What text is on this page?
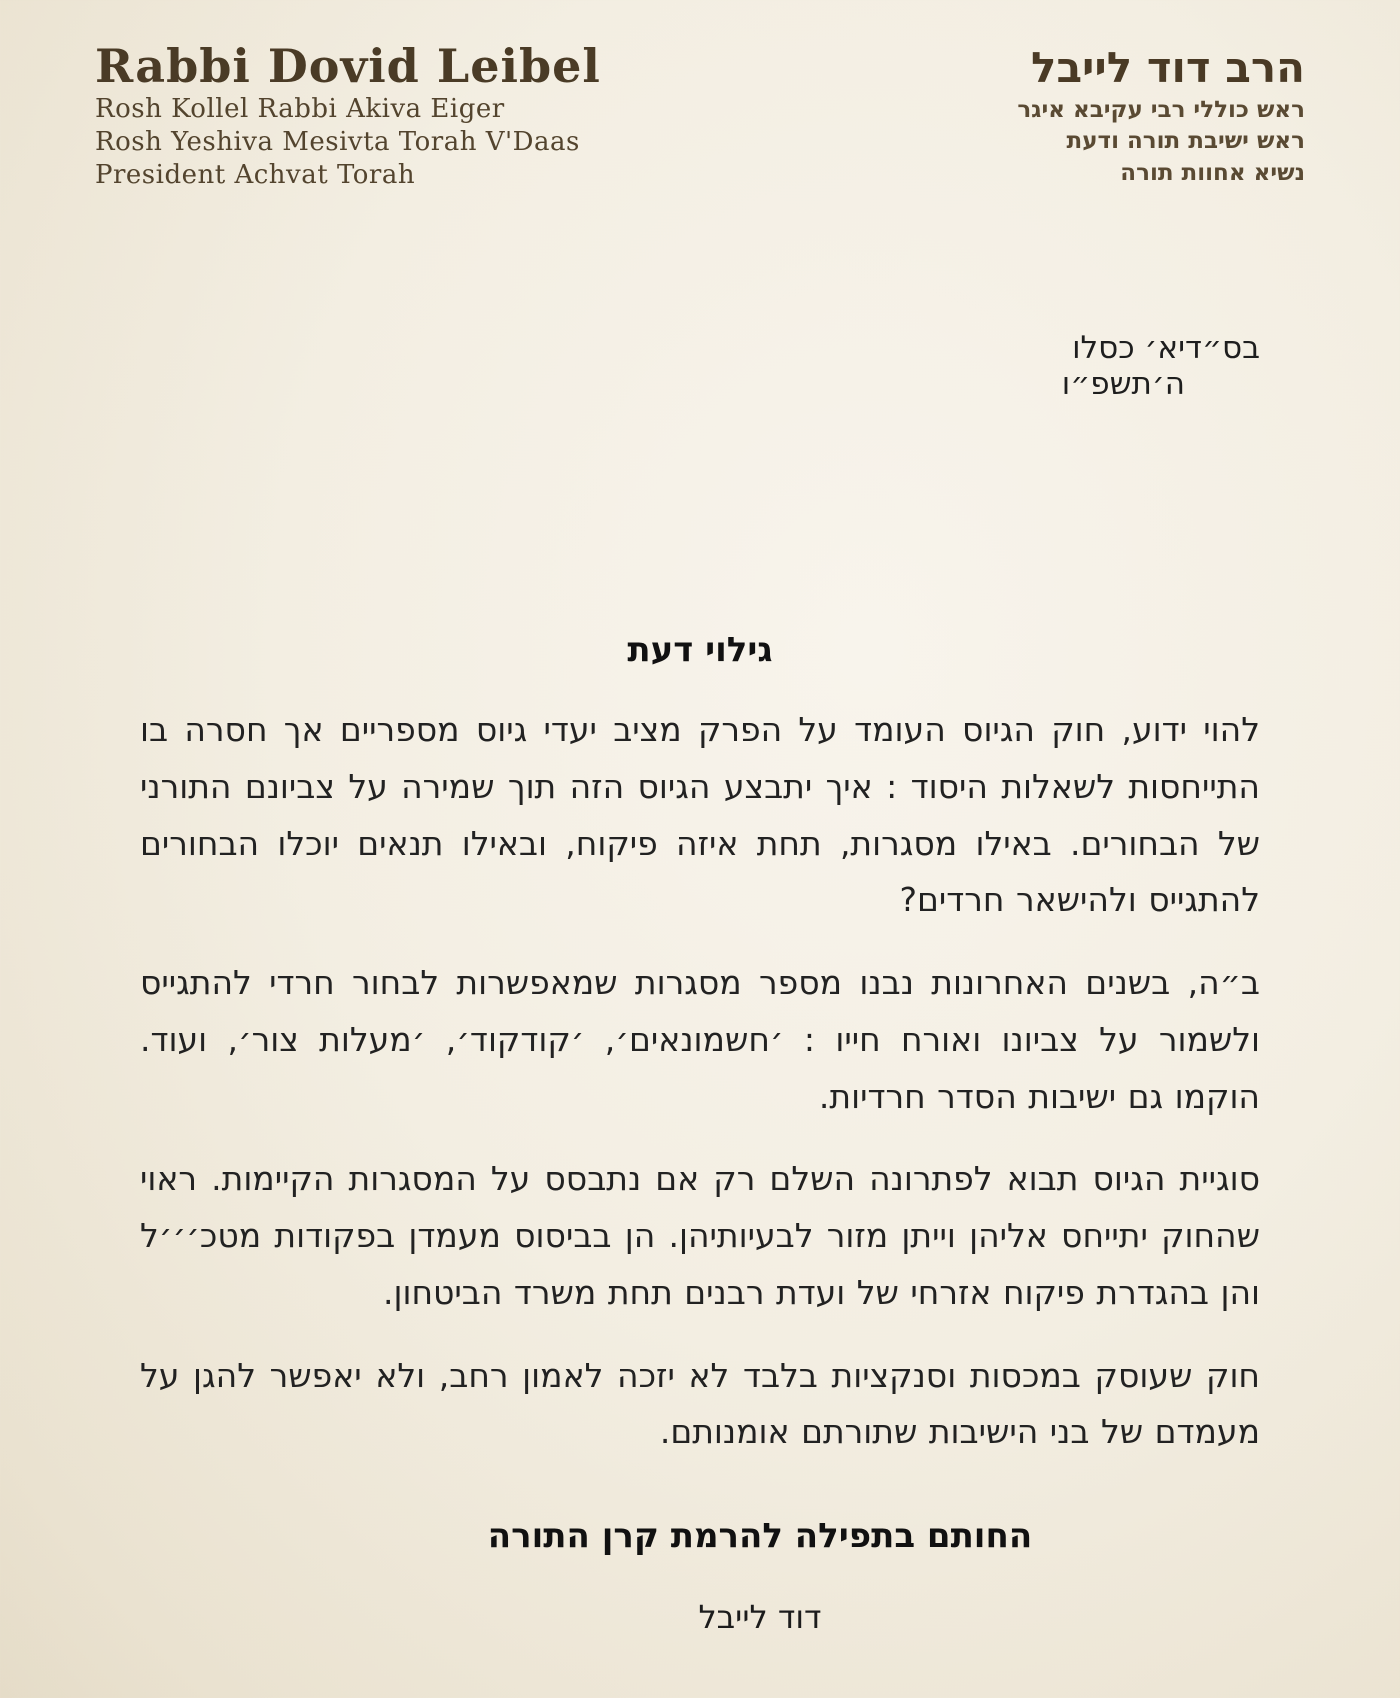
Rabbi Dovid Leibel
Rosh Kollel Rabbi Akiva Eiger
Rosh Yeshiva Mesivta Torah V'Daas
President Achvat Torah
הרב דוד לייבל
ראש כוללי רבי עקיבא איגר
ראש ישיבת תורה ודעת
נשיא אחוות תורה
בס״ד
יא׳ כסלו ה׳תשפ״ו
גילוי דעת

להוי ידוע, חוק הגיוס העומד על הפרק מציב יעדי גיוס מספריים אך חסרה בו התייחסות לשאלות היסוד : איך יתבצע הגיוס הזה תוך שמירה על צביונם התורני של הבחורים. באילו מסגרות, תחת איזה פיקוח, ובאילו תנאים יוכלו הבחורים להתגייס ולהישאר חרדים?

ב״ה, בשנים האחרונות נבנו מספר מסגרות שמאפשרות לבחור חרדי להתגייס ולשמור על צביונו ואורח חייו : ׳חשמונאים׳, ׳קודקוד׳, ׳מעלות צור׳, ועוד. הוקמו גם ישיבות הסדר חרדיות.

סוגיית הגיוס תבוא לפתרונה השלם רק אם נתבסס על המסגרות הקיימות. ראוי שהחוק יתייחס אליהן וייתן מזור לבעיותיהן. הן בביסוס מעמדן בפקודות מטכ׳׳׳ל והן בהגדרת פיקוח אזרחי של ועדת רבנים תחת משרד הביטחון.

חוק שעוסק במכסות וסנקציות בלבד לא יזכה לאמון רחב, ולא יאפשר להגן על מעמדם של בני הישיבות שתורתם אומנותם.

החותם בתפילה להרמת קרן התורה
דוד לייבל
